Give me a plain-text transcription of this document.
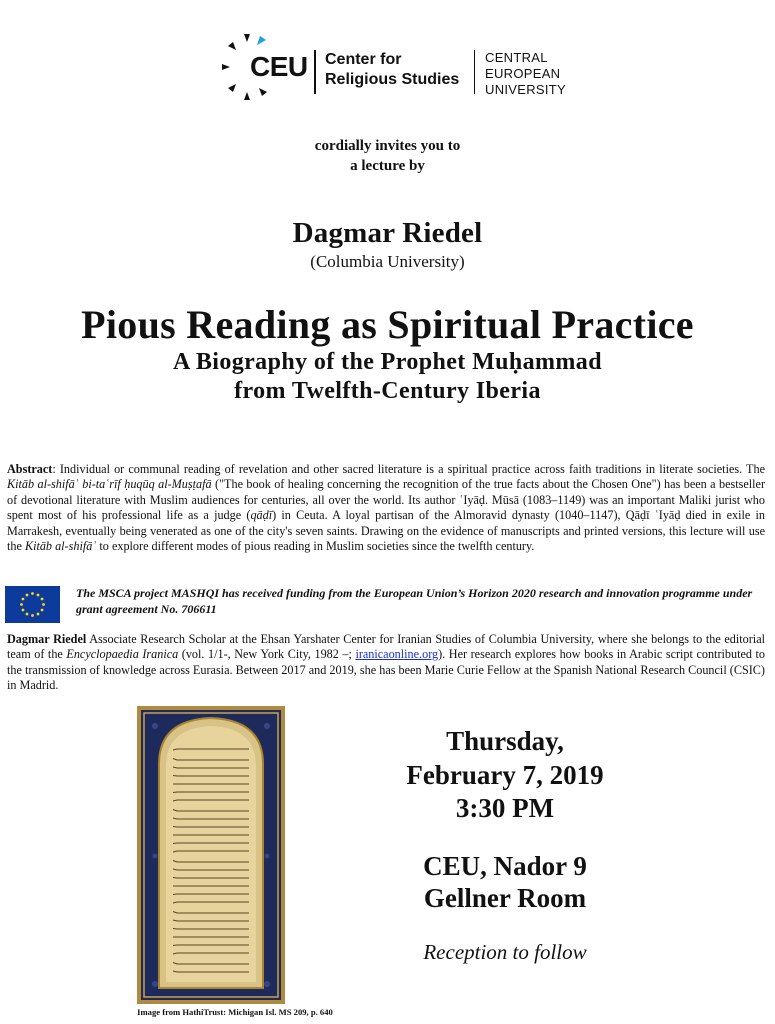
CEU Center for
Religious Studies
CENTRAL
EUROPEAN
UNIVERSITY
cordially invites you to
a lecture by
Dagmar Riedel
(Columbia University)
Pious Reading as Spiritual Practice
A Biography of the Prophet Muḥammad
from Twelfth-Century Iberia
Abstract: Individual or communal reading of revelation and other sacred literature is a spiritual practice across faith traditions in literate societies. The Kitāb al-shifāʾ bi-taʿrīf ḥuqūq al-Muṣṭafā ("The book of healing concerning the recognition of the true facts about the Chosen One") has been a bestseller of devotional literature with Muslim audiences for centuries, all over the world. Its author ʿIyāḍ. Mūsā (1083–1149) was an important Maliki jurist who spent most of his professional life as a judge (qāḍī) in Ceuta. A loyal partisan of the Almoravid dynasty (1040–1147), Qāḍī ʿIyāḍ died in exile in Marrakesh, eventually being venerated as one of the city's seven saints. Drawing on the evidence of manuscripts and printed versions, this lecture will use the Kitāb al-shifāʾ to explore different modes of pious reading in Muslim societies since the twelfth century.
The MSCA project MASHQI has received funding from the European Union’s Horizon 2020 research and innovation programme under grant agreement No. 706611
Dagmar Riedel Associate Research Scholar at the Ehsan Yarshater Center for Iranian Studies of Columbia University, where she belongs to the editorial team of the Encyclopaedia Iranica (vol. 1/1-, New York City, 1982 –; iranicaonline.org). Her research explores how books in Arabic script contributed to the transmission of knowledge across Eurasia. Between 2017 and 2019, she has been Marie Curie Fellow at the Spanish National Research Council (CSIC) in Madrid.
Image from HathiTrust: Michigan Isl. MS 209, p. 640
Thursday,
February 7, 2019
3:30 PM
CEU, Nador 9
Gellner Room
Reception to follow
